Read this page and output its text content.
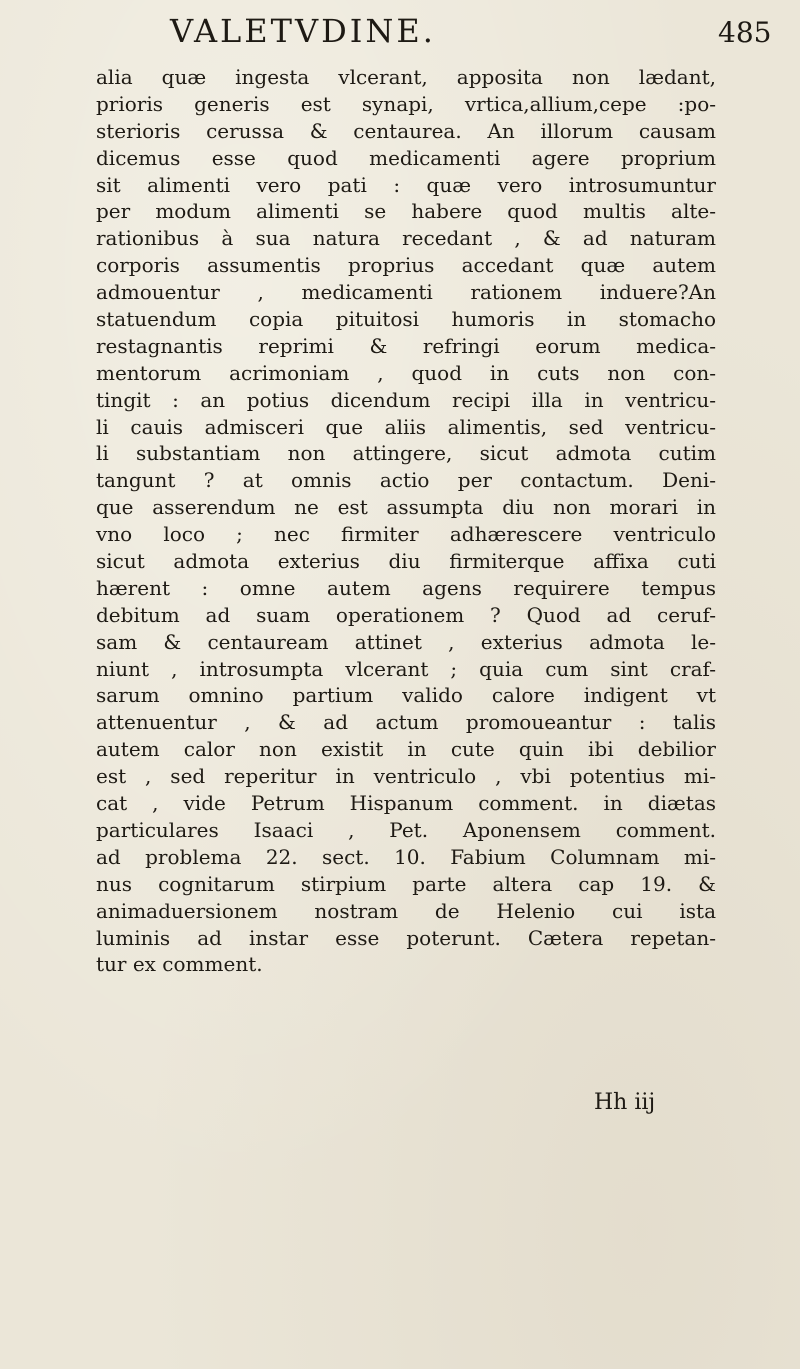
VALETVDINE.	485
alia quæ ingesta vlcerant, apposita non lædant,
prioris generis est synapi, vrtica,allium,cepe :po-
sterioris cerussa & centaurea. An illorum causam
dicemus esse quod medicamenti agere proprium
sit alimenti vero pati : quæ vero introsumuntur
per modum alimenti se habere quod multis alte-
rationibus à sua natura recedant , & ad naturam
corporis assumentis proprius accedant quæ autem
admouentur , medicamenti rationem induere?An
statuendum copia pituitosi humoris in stomacho
restagnantis reprimi & refringi eorum medica-
mentorum acrimoniam , quod in cuts non con-
tingit : an potius dicendum recipi illa in ventricu-
li cauis admisceri que aliis alimentis, sed ventricu-
li substantiam non attingere, sicut admota cutim
tangunt ? at omnis actio per contactum. Deni-
que asserendum ne est assumpta diu non morari in
vno loco ; nec firmiter adhærescere ventriculo
sicut admota exterius diu firmiterque affixa cuti
hærent : omne autem agens requirere tempus
debitum ad suam operationem ? Quod ad ceruf-
sam & centauream attinet , exterius admota le-
niunt , introsumpta vlcerant ; quia cum sint craf-
sarum omnino partium valido calore indigent vt
attenuentur , & ad actum promoueantur : talis
autem calor non existit in cute quin ibi debilior
est , sed reperitur in ventriculo , vbi potentius mi-
cat , vide Petrum Hispanum comment. in diætas
particulares Isaaci , Pet. Aponensem comment.
ad problema 22. sect. 10. Fabium Columnam mi-
nus cognitarum stirpium parte altera cap 19. &
animaduersionem nostram de Helenio cui ista
luminis ad instar esse poterunt. Cætera repetan-
tur ex comment.
Hh iij
